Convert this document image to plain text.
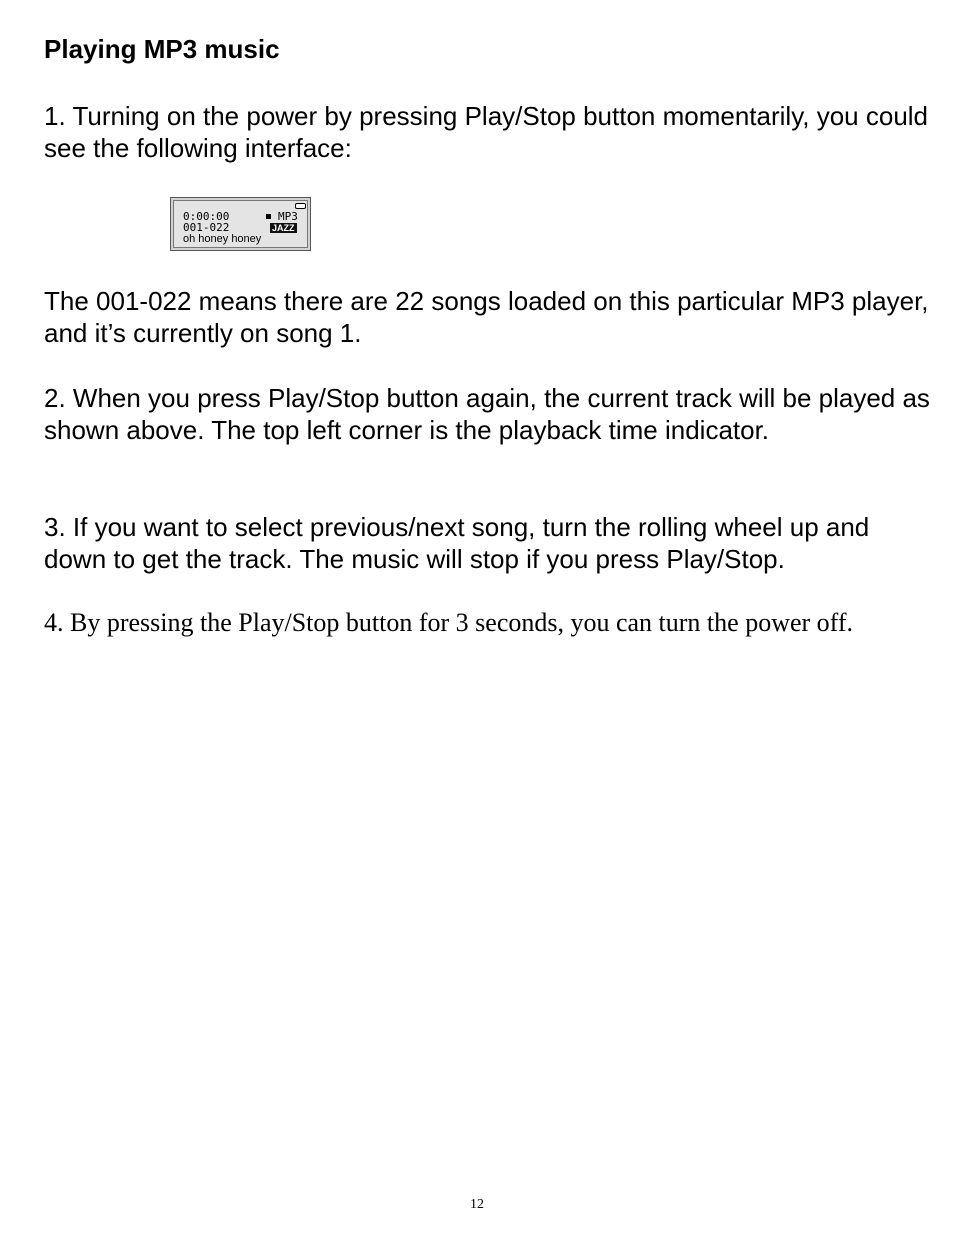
Playing MP3 music
1. Turning on the power by pressing Play/Stop button momentarily, you could see the following interface:
0:00:00
001-022
oh honey honey
MP3
JAZZ
The 001-022 means there are 22 songs loaded on this particular MP3 player, and it’s currently on song 1.
2. When you press Play/Stop button again, the current track will be played as shown above. The top left corner is the playback time indicator.
3. If you want to select previous/next song, turn the rolling wheel up and down to get the track. The music will stop if you press Play/Stop.
4. By pressing the Play/Stop button for 3 seconds, you can turn the power off.
12
